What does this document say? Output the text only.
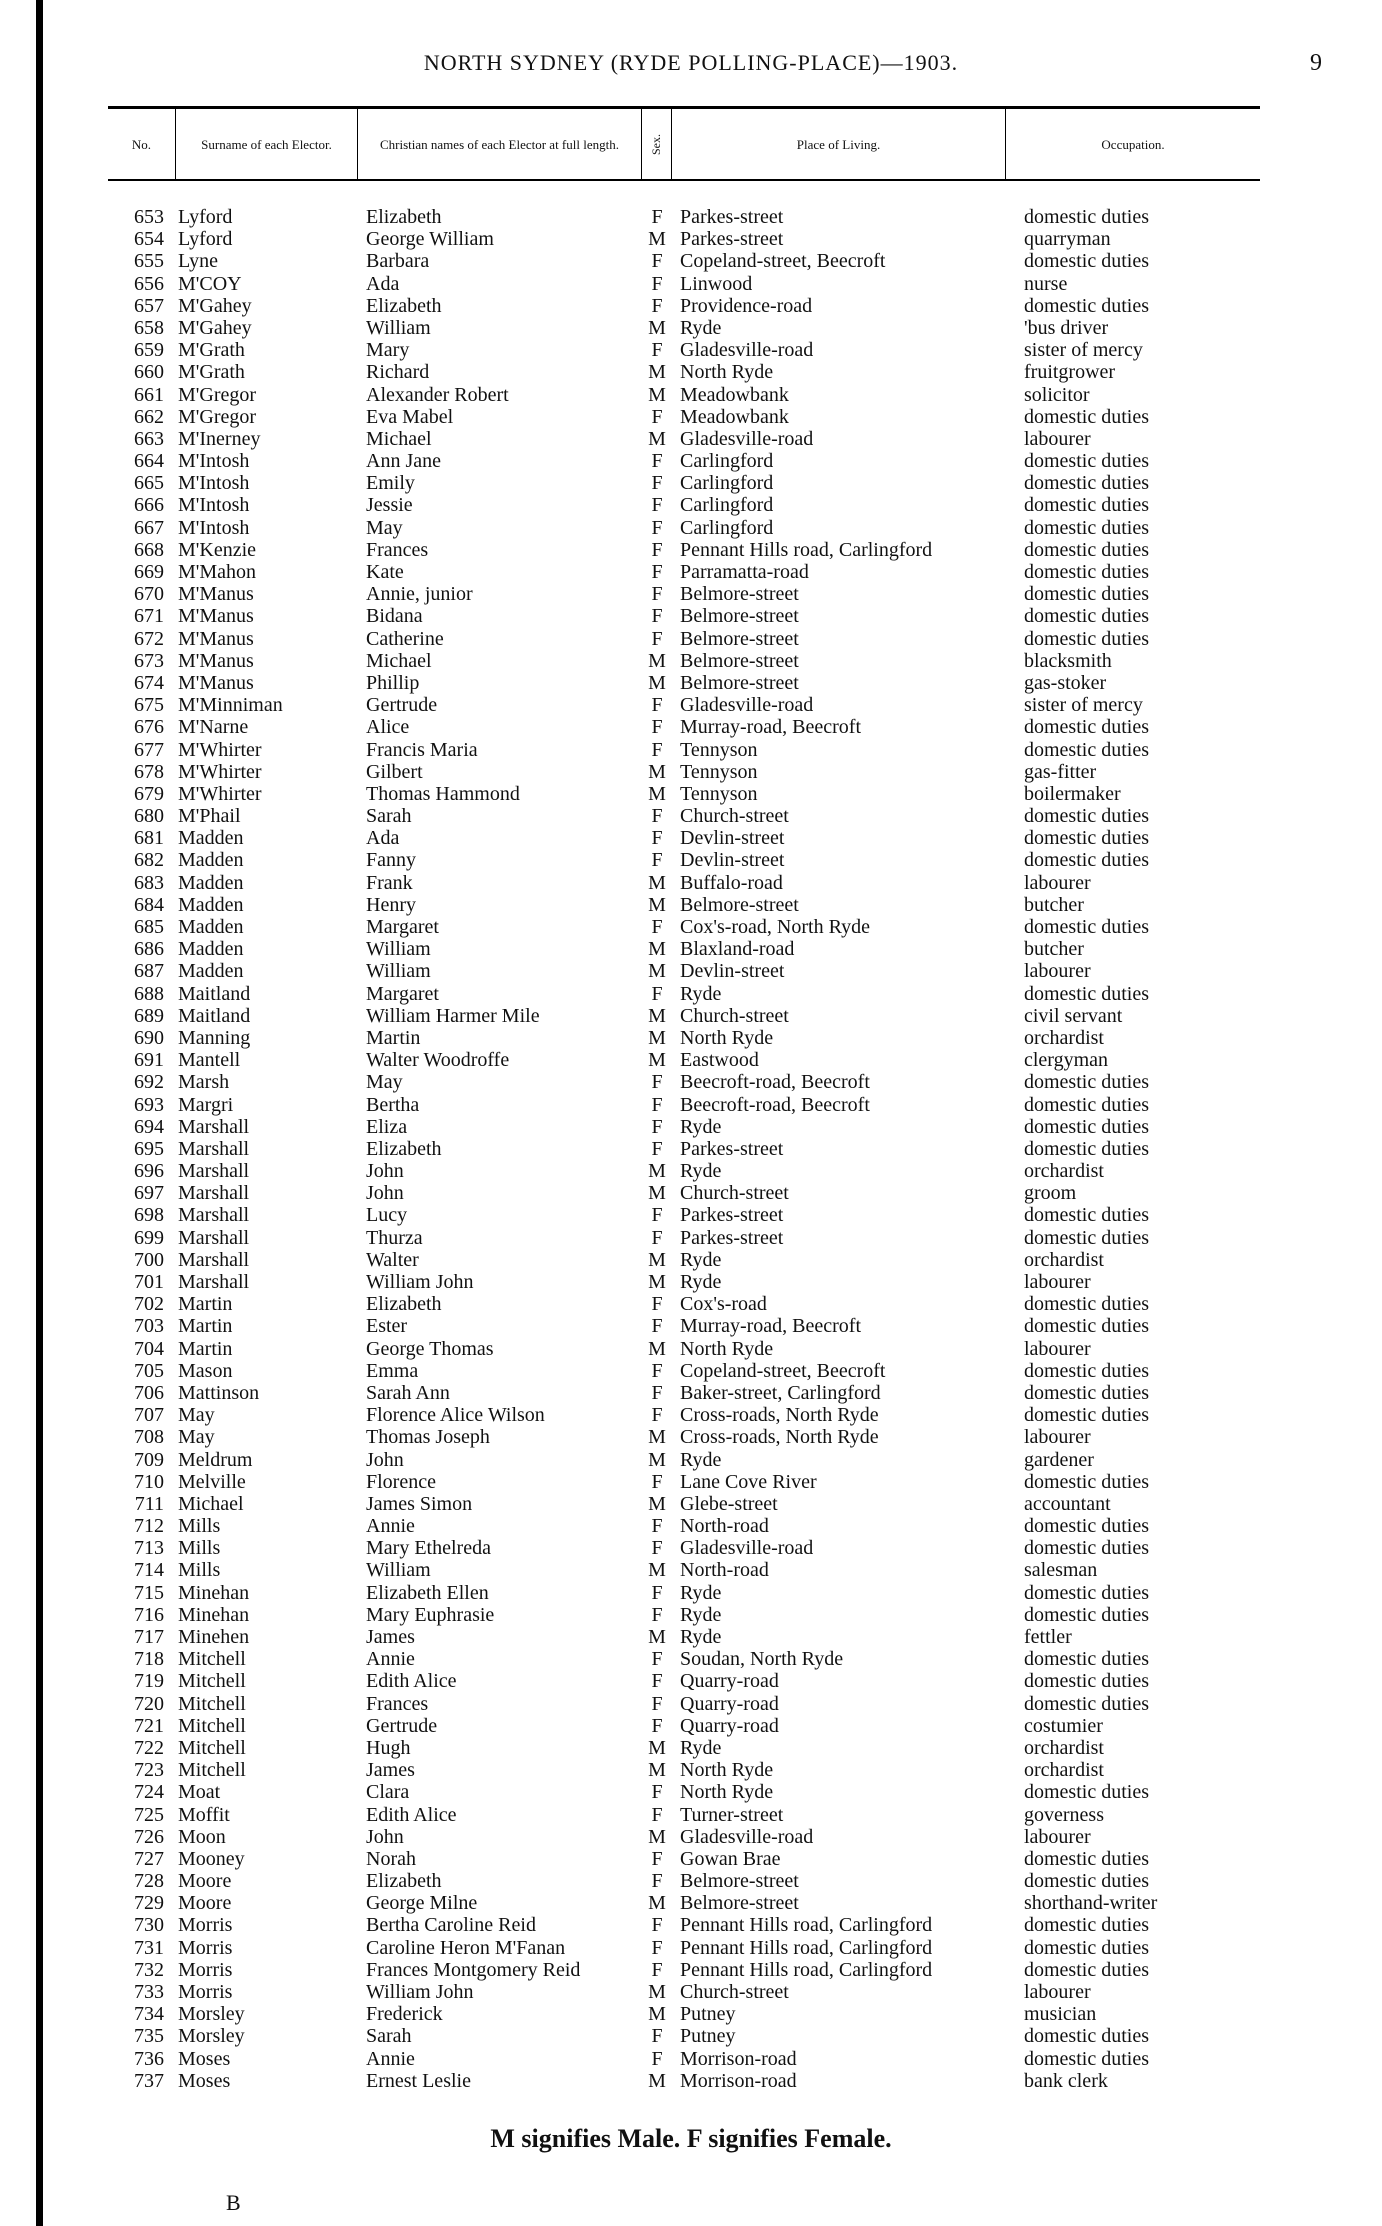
NORTH SYDNEY (RYDE POLLING-PLACE)—1903.	9
No.	Surname of each Elector.	Christian names of each Elector at full length.	Sex.	Place of Living.	Occupation.
653 Lyford	Elizabeth	F Parkes-street	domestic duties
654 Lyford	George William	M Parkes-street	quarryman
655 Lyne	Barbara	F Copeland-street, Beecroft	domestic duties
656 M'COY	Ada	F Linwood	nurse
657 M'Gahey	Elizabeth	F Providence-road	domestic duties
658 M'Gahey	William	M Ryde	'bus driver
659 M'Grath	Mary	F Gladesville-road	sister of mercy
660 M'Grath	Richard	M North Ryde	fruitgrower
661 M'Gregor	Alexander Robert	M Meadowbank	solicitor
662 M'Gregor	Eva Mabel	F Meadowbank	domestic duties
663 M'Inerney	Michael	M Gladesville-road	labourer
664 M'Intosh	Ann Jane	F Carlingford	domestic duties
665 M'Intosh	Emily	F Carlingford	domestic duties
666 M'Intosh	Jessie	F Carlingford	domestic duties
667 M'Intosh	May	F Carlingford	domestic duties
668 M'Kenzie	Frances	F Pennant Hills road, Carlingford	domestic duties
669 M'Mahon	Kate	F Parramatta-road	domestic duties
670 M'Manus	Annie, junior	F Belmore-street	domestic duties
671 M'Manus	Bidana	F Belmore-street	domestic duties
672 M'Manus	Catherine	F Belmore-street	domestic duties
673 M'Manus	Michael	M Belmore-street	blacksmith
674 M'Manus	Phillip	M Belmore-street	gas-stoker
675 M'Minniman	Gertrude	F Gladesville-road	sister of mercy
676 M'Narne	Alice	F Murray-road, Beecroft	domestic duties
677 M'Whirter	Francis Maria	F Tennyson	domestic duties
678 M'Whirter	Gilbert	M Tennyson	gas-fitter
679 M'Whirter	Thomas Hammond	M Tennyson	boilermaker
680 M'Phail	Sarah	F Church-street	domestic duties
681 Madden	Ada	F Devlin-street	domestic duties
682 Madden	Fanny	F Devlin-street	domestic duties
683 Madden	Frank	M Buffalo-road	labourer
684 Madden	Henry	M Belmore-street	butcher
685 Madden	Margaret	F Cox's-road, North Ryde	domestic duties
686 Madden	William	M Blaxland-road	butcher
687 Madden	William	M Devlin-street	labourer
688 Maitland	Margaret	F Ryde	domestic duties
689 Maitland	William Harmer Mile	M Church-street	civil servant
690 Manning	Martin	M North Ryde	orchardist
691 Mantell	Walter Woodroffe	M Eastwood	clergyman
692 Marsh	May	F Beecroft-road, Beecroft	domestic duties
693 Margri	Bertha	F Beecroft-road, Beecroft	domestic duties
694 Marshall	Eliza	F Ryde	domestic duties
695 Marshall	Elizabeth	F Parkes-street	domestic duties
696 Marshall	John	M Ryde	orchardist
697 Marshall	John	M Church-street	groom
698 Marshall	Lucy	F Parkes-street	domestic duties
699 Marshall	Thurza	F Parkes-street	domestic duties
700 Marshall	Walter	M Ryde	orchardist
701 Marshall	William John	M Ryde	labourer
702 Martin	Elizabeth	F Cox's-road	domestic duties
703 Martin	Ester	F Murray-road, Beecroft	domestic duties
704 Martin	George Thomas	M North Ryde	labourer
705 Mason	Emma	F Copeland-street, Beecroft	domestic duties
706 Mattinson	Sarah Ann	F Baker-street, Carlingford	domestic duties
707 May	Florence Alice Wilson	F Cross-roads, North Ryde	domestic duties
708 May	Thomas Joseph	M Cross-roads, North Ryde	labourer
709 Meldrum	John	M Ryde	gardener
710 Melville	Florence	F Lane Cove River	domestic duties
711 Michael	James Simon	M Glebe-street	accountant
712 Mills	Annie	F North-road	domestic duties
713 Mills	Mary Ethelreda	F Gladesville-road	domestic duties
714 Mills	William	M North-road	salesman
715 Minehan	Elizabeth Ellen	F Ryde	domestic duties
716 Minehan	Mary Euphrasie	F Ryde	domestic duties
717 Minehen	James	M Ryde	fettler
718 Mitchell	Annie	F Soudan, North Ryde	domestic duties
719 Mitchell	Edith Alice	F Quarry-road	domestic duties
720 Mitchell	Frances	F Quarry-road	domestic duties
721 Mitchell	Gertrude	F Quarry-road	costumier
722 Mitchell	Hugh	M Ryde	orchardist
723 Mitchell	James	M North Ryde	orchardist
724 Moat	Clara	F North Ryde	domestic duties
725 Moffit	Edith Alice	F Turner-street	governess
726 Moon	John	M Gladesville-road	labourer
727 Mooney	Norah	F Gowan Brae	domestic duties
728 Moore	Elizabeth	F Belmore-street	domestic duties
729 Moore	George Milne	M Belmore-street	shorthand-writer
730 Morris	Bertha Caroline Reid	F Pennant Hills road, Carlingford	domestic duties
731 Morris	Caroline Heron M'Fanan	F Pennant Hills road, Carlingford	domestic duties
732 Morris	Frances Montgomery Reid	F Pennant Hills road, Carlingford	domestic duties
733 Morris	William John	M Church-street	labourer
734 Morsley	Frederick	M Putney	musician
735 Morsley	Sarah	F Putney	domestic duties
736 Moses	Annie	F Morrison-road	domestic duties
737 Moses	Ernest Leslie	M Morrison-road	bank clerk
M signifies Male. F signifies Female.
B
